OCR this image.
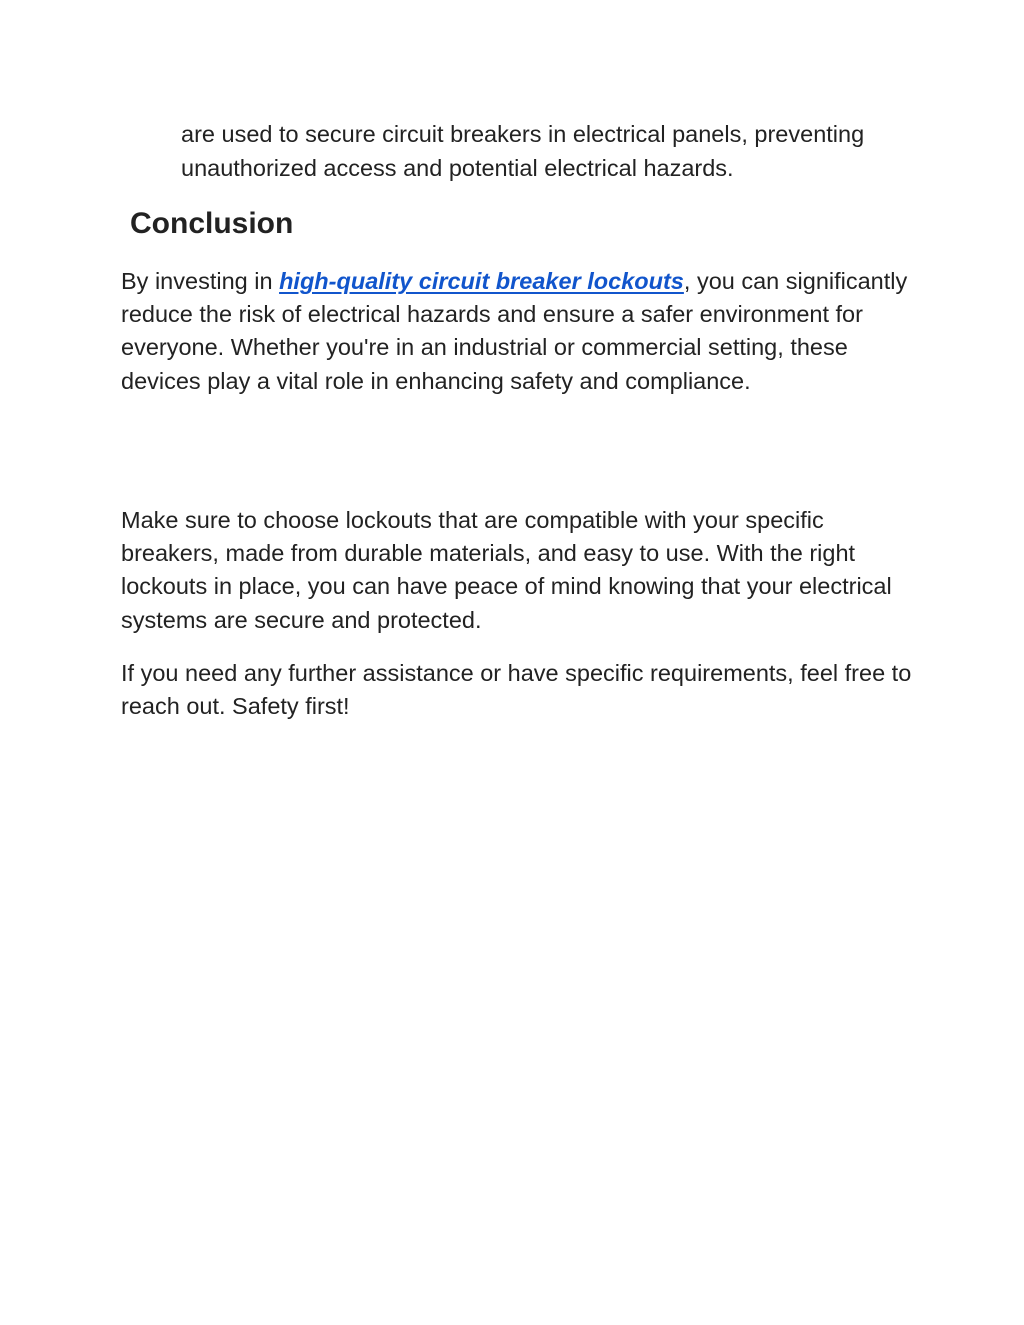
are used to secure circuit breakers in electrical panels, preventing unauthorized access and potential electrical hazards.

Conclusion

By investing in high-quality circuit breaker lockouts, you can significantly reduce the risk of electrical hazards and ensure a safer environment for everyone. Whether you're in an industrial or commercial setting, these devices play a vital role in enhancing safety and compliance.

Make sure to choose lockouts that are compatible with your specific breakers, made from durable materials, and easy to use. With the right lockouts in place, you can have peace of mind knowing that your electrical systems are secure and protected.

If you need any further assistance or have specific requirements, feel free to reach out. Safety first!
